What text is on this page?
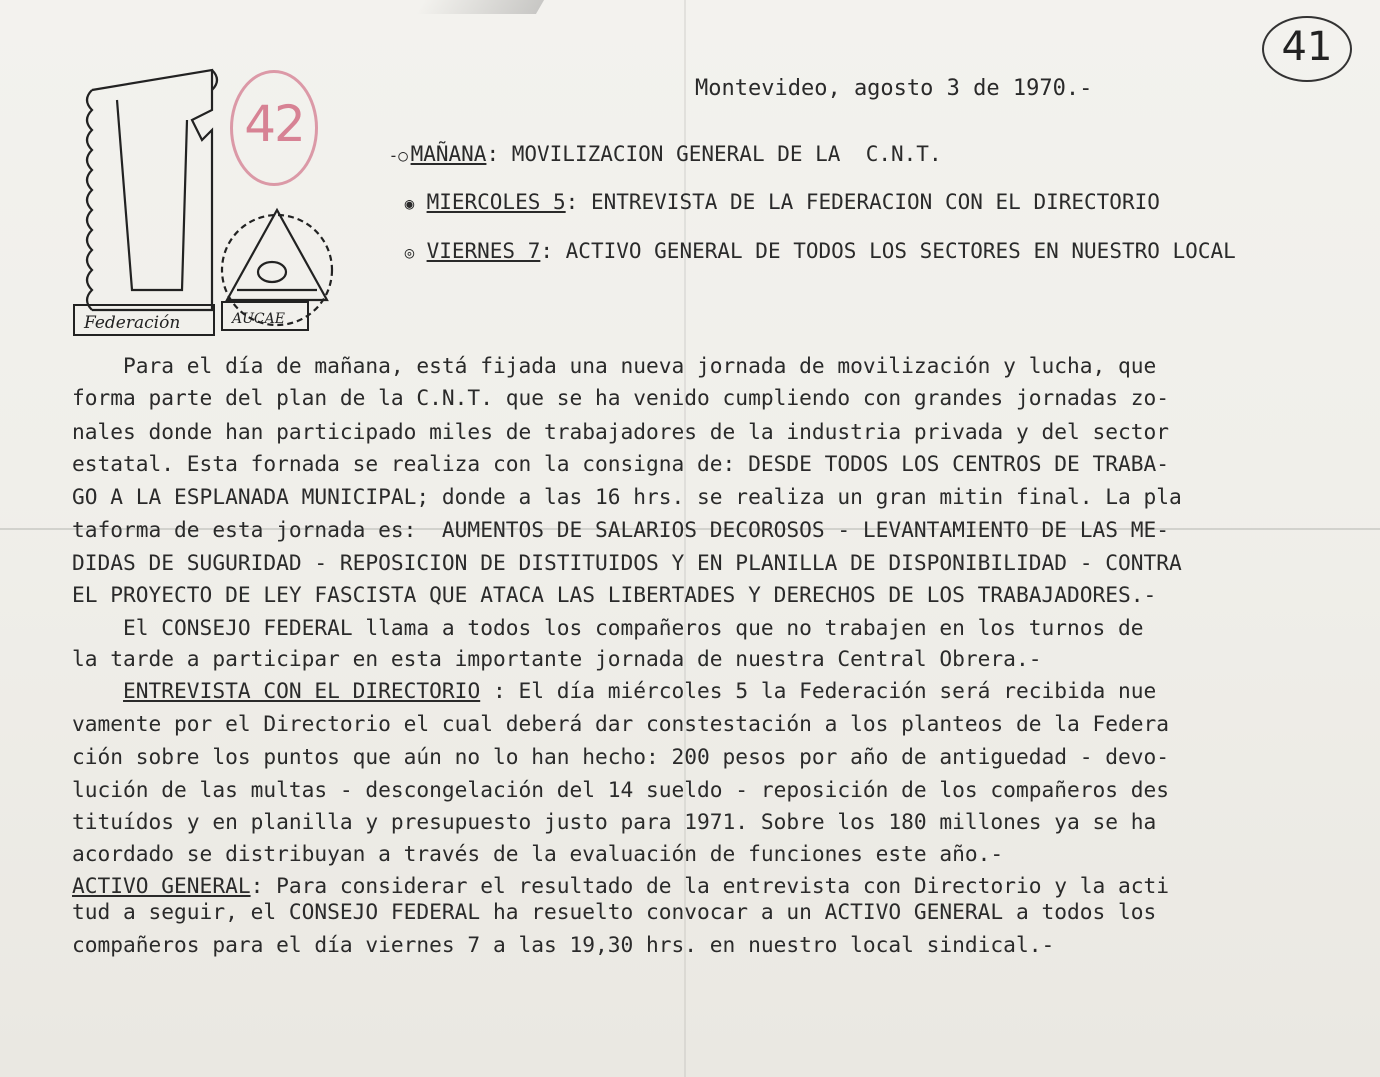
Federación	AUCAE
42
41
Montevideo, agosto 3 de 1970.-

-○ MAÑANA: MOVILIZACION GENERAL DE LA  C.N.T.

◉ MIERCOLES 5: ENTREVISTA DE LA FEDERACION CON EL DIRECTORIO

◎ VIERNES 7: ACTIVO GENERAL DE TODOS LOS SECTORES EN NUESTRO LOCAL

Para el día de mañana, está fijada una nueva jornada de movilización y lucha, que
forma parte del plan de la C.N.T. que se ha venido cumpliendo con grandes jornadas zo-
nales donde han participado miles de trabajadores de la industria privada y del sector
estatal. Esta fornada se realiza con la consigna de: DESDE TODOS LOS CENTROS DE TRABA-
GO A LA ESPLANADA MUNICIPAL; donde a las 16 hrs. se realiza un gran mitin final. La pla
taforma de esta jornada es:  AUMENTOS DE SALARIOS DECOROSOS - LEVANTAMIENTO DE LAS ME-
DIDAS DE SUGURIDAD - REPOSICION DE DISTITUIDOS Y EN PLANILLA DE DISPONIBILIDAD - CONTRA
EL PROYECTO DE LEY FASCISTA QUE ATACA LAS LIBERTADES Y DERECHOS DE LOS TRABAJADORES.-
El CONSEJO FEDERAL llama a todos los compañeros que no trabajen en los turnos de
la tarde a participar en esta importante jornada de nuestra Central Obrera.-
ENTREVISTA CON EL DIRECTORIO : El día miércoles 5 la Federación será recibida nue
vamente por el Directorio el cual deberá dar constestación a los planteos de la Federa
ción sobre los puntos que aún no lo han hecho: 200 pesos por año de antiguedad - devo-
lución de las multas - descongelación del 14 sueldo - reposición de los compañeros des
tituídos y en planilla y presupuesto justo para 1971. Sobre los 180 millones ya se ha
acordado se distribuyan a través de la evaluación de funciones este año.-
ACTIVO GENERAL: Para considerar el resultado de la entrevista con Directorio y la acti
tud a seguir, el CONSEJO FEDERAL ha resuelto convocar a un ACTIVO GENERAL a todos los
compañeros para el día viernes 7 a las 19,30 hrs. en nuestro local sindical.-
